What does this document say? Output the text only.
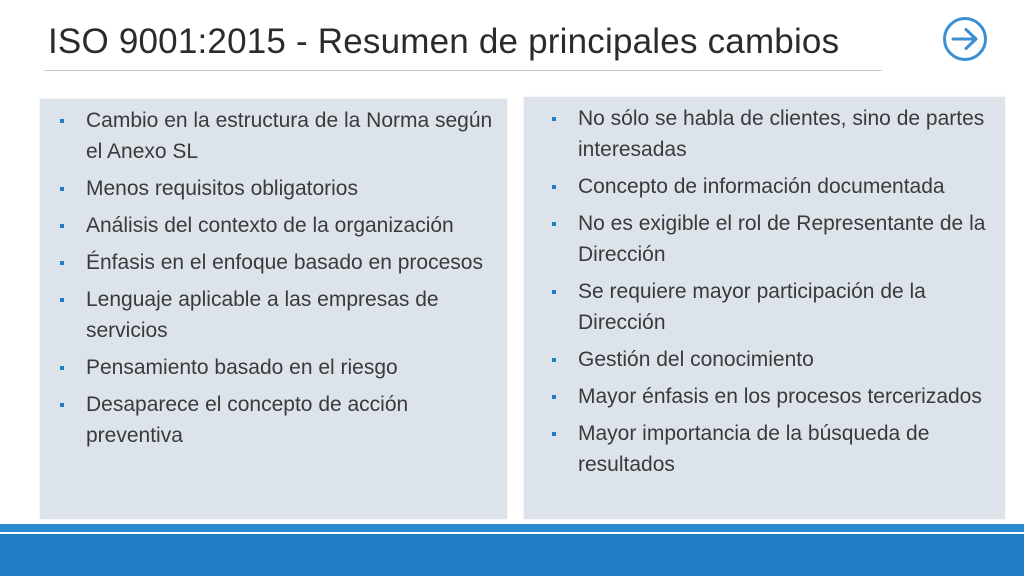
ISO 9001:2015 - Resumen de principales cambios
Cambio en la estructura de la Norma según el Anexo SL
Menos requisitos obligatorios
Análisis del contexto de la organización
Énfasis en el enfoque basado en procesos
Lenguaje aplicable a las empresas de servicios
Pensamiento basado en el riesgo
Desaparece el concepto de acción preventiva
No sólo se habla de clientes, sino de partes interesadas
Concepto de información documentada
No es exigible el rol de Representante de la Dirección
Se requiere mayor participación de la Dirección
Gestión del conocimiento
Mayor énfasis en los procesos tercerizados
Mayor importancia de la búsqueda de resultados
